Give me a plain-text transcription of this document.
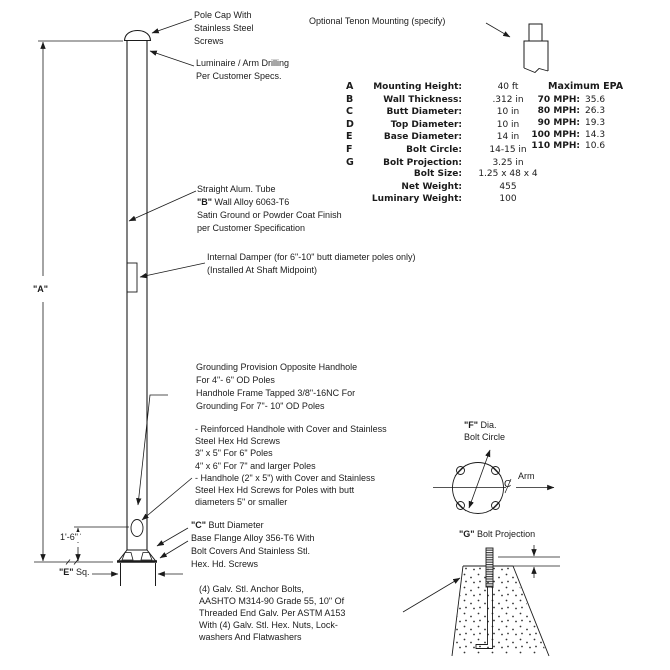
Pole Cap With
Stainless Steel
Screws
Luminaire / Arm Drilling
Per Customer Specs.
Optional Tenon Mounting (specify)
A	Mounting Height:	40 ft
B	Wall Thickness:	.312 in
C	Butt Diameter:	10 in
D	Top Diameter:	10 in
E	Base Diameter:	14 in
F	Bolt Circle:	14-15 in
G	Bolt Projection:	3.25 in
Bolt Size:	1.25 x 48 x 4
Net Weight:	455
Luminary Weight:	100
Maximum EPA
70 MPH: 35.6
80 MPH: 26.3
90 MPH: 19.3
100 MPH: 14.3
110 MPH: 10.6
Straight Alum. Tube
"B" Wall Alloy 6063-T6
Satin Ground or Powder Coat Finish
per Customer Specification
Internal Damper (for 6"-10" butt diameter poles only)
(Installed At Shaft Midpoint)
Grounding Provision Opposite Handhole
For 4"- 6" OD Poles
Handhole Frame Tapped 3/8"-16NC For
Grounding For 7"- 10" OD Poles
- Reinforced Handhole with Cover and Stainless
Steel Hex Hd Screws
3" x 5" For 6" Poles
4" x 6" For 7" and larger Poles
- Handhole (2" x 5") with Cover and Stainless
Steel Hex Hd Screws for Poles with butt
diameters 5" or smaller
"C" Butt Diameter
Base Flange Alloy 356-T6 With
Bolt Covers And Stainless Stl.
Hex. Hd. Screws
(4) Galv. Stl. Anchor Bolts,
AASHTO M314-90 Grade 55, 10" Of
Threaded End Galv. Per ASTM A153
With (4) Galv. Stl. Hex. Nuts, Lock-
washers And Flatwashers
"A"
1'-6"
"E" Sq.
"F" Dia.
Bolt Circle
"G" Bolt Projection
Arm
C
